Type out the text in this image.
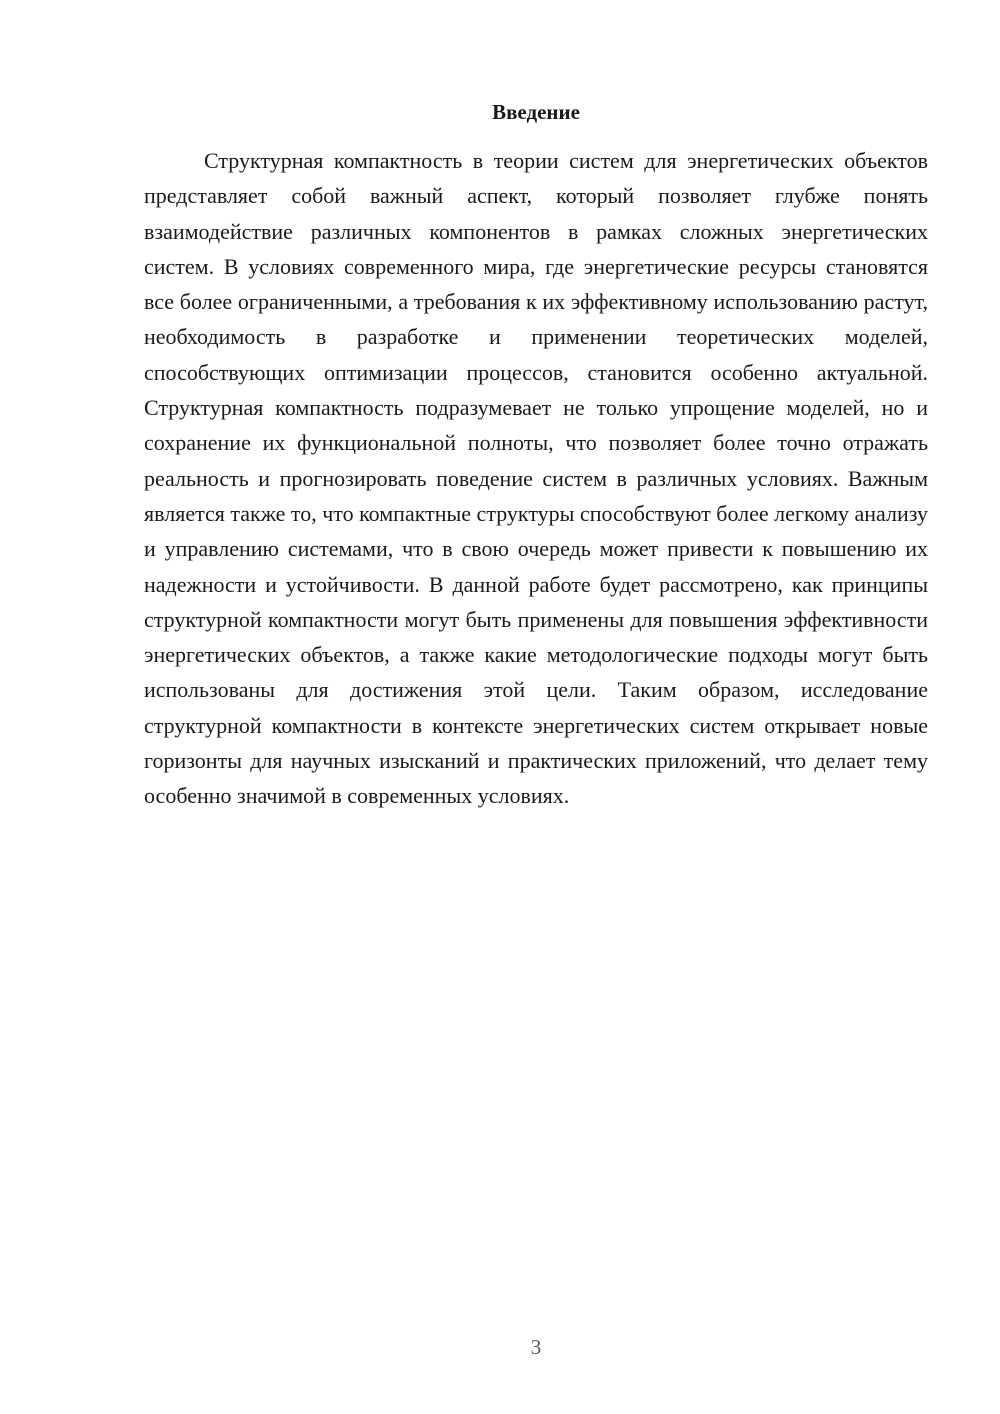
Введение

Структурная компактность в теории систем для энергетических объектов представляет собой важный аспект, который позволяет глубже понять взаимодействие различных компонентов в рамках сложных энергетических систем. В условиях современного мира, где энергетические ресурсы становятся все более ограниченными, а требования к их эффективному использованию растут, необходимость в разработке и применении теоретических моделей, способствующих оптимизации процессов, становится особенно актуальной. Структурная компактность подразумевает не только упрощение моделей, но и сохранение их функциональной полноты, что позволяет более точно отражать реальность и прогнозировать поведение систем в различных условиях. Важным является также то, что компактные структуры способствуют более легкому анализу и управлению системами, что в свою очередь может привести к повышению их надежности и устойчивости. В данной работе будет рассмотрено, как принципы структурной компактности могут быть применены для повышения эффективности энергетических объектов, а также какие методологические подходы могут быть использованы для достижения этой цели. Таким образом, исследование структурной компактности в контексте энергетических систем открывает новые горизонты для научных изысканий и практических приложений, что делает тему особенно значимой в современных условиях.

3
